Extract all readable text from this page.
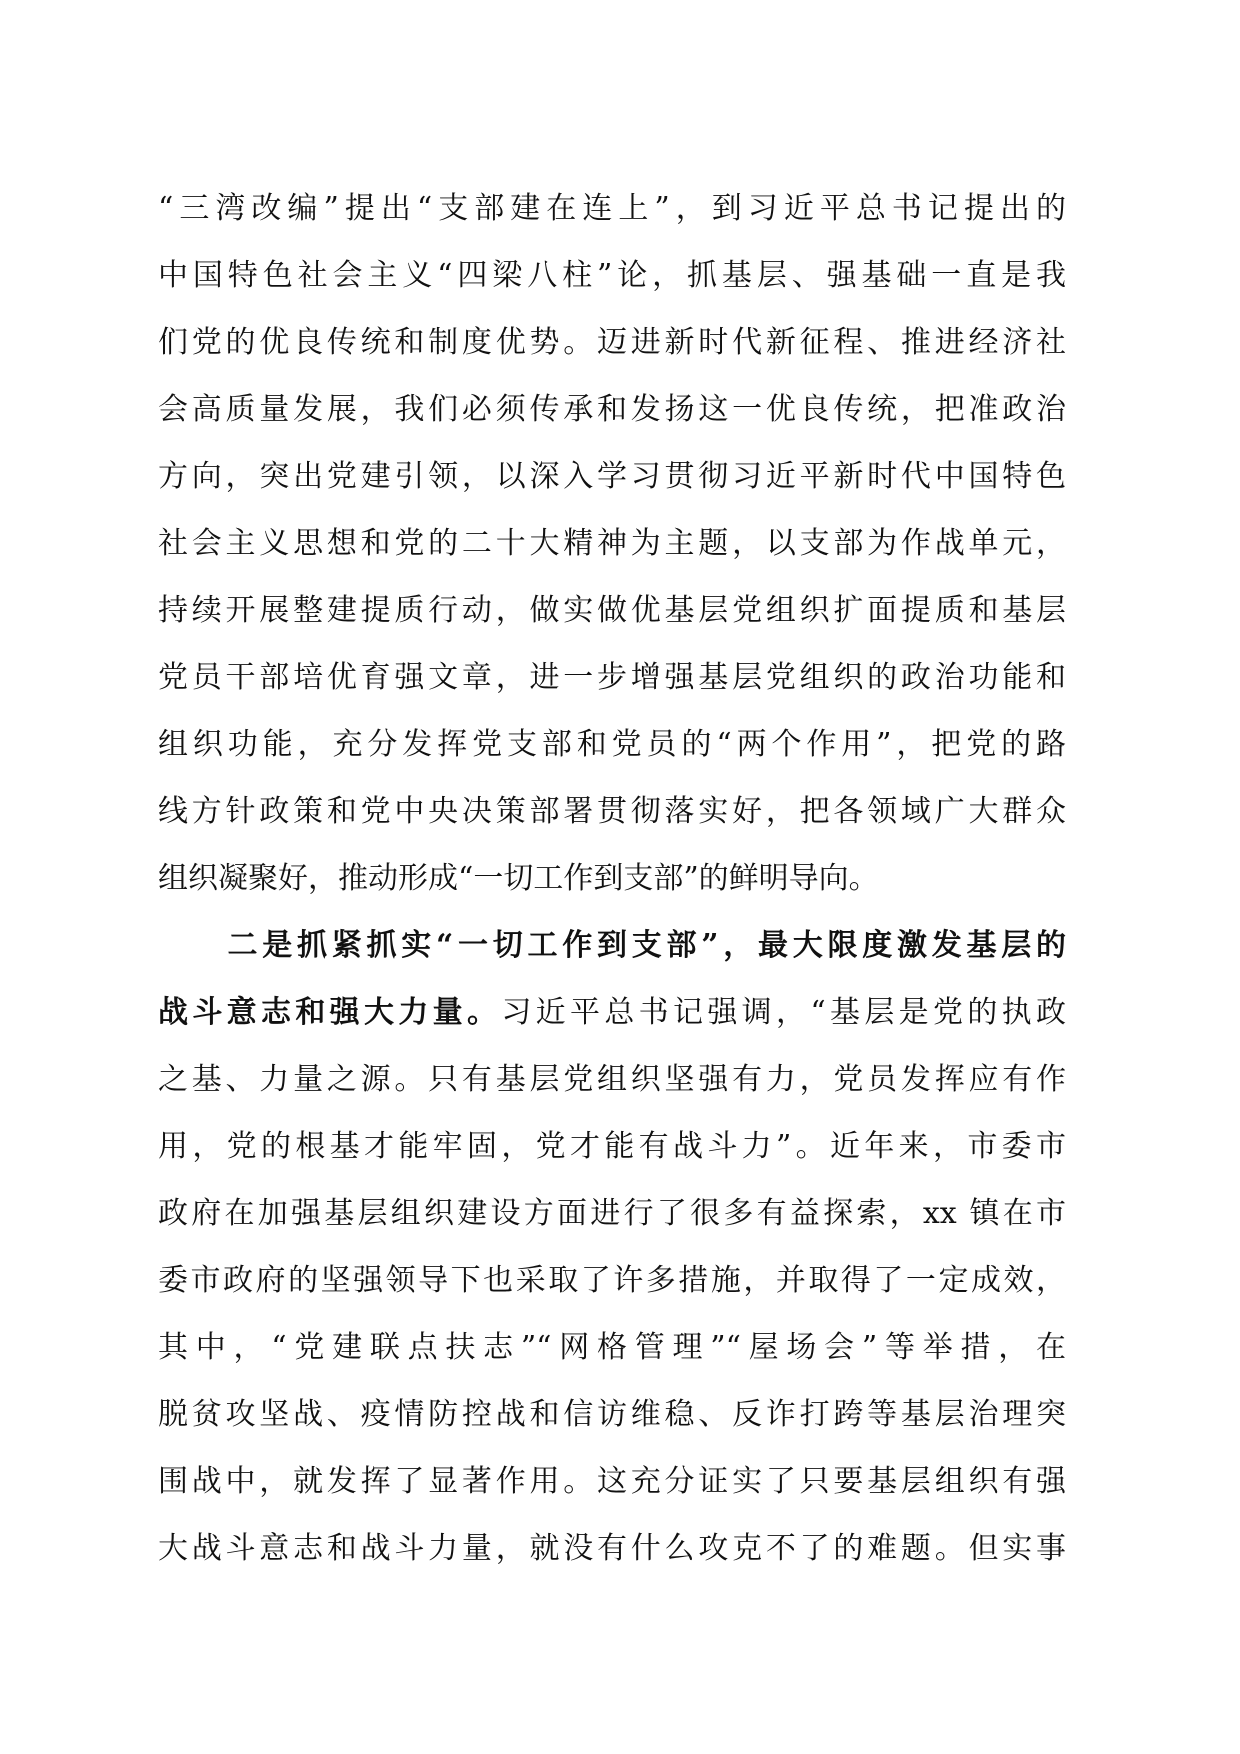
“三湾改编”提出“支部建在连上”，到习近平总书记提出的
中国特色社会主义“四梁八柱”论，抓基层、强基础一直是我
们党的优良传统和制度优势。迈进新时代新征程、推进经济社
会高质量发展，我们必须传承和发扬这一优良传统，把准政治
方向，突出党建引领，以深入学习贯彻习近平新时代中国特色
社会主义思想和党的二十大精神为主题，以支部为作战单元，
持续开展整建提质行动，做实做优基层党组织扩面提质和基层
党员干部培优育强文章，进一步增强基层党组织的政治功能和
组织功能，充分发挥党支部和党员的“两个作用”，把党的路
线方针政策和党中央决策部署贯彻落实好，把各领域广大群众
组织凝聚好，推动形成“一切工作到支部”的鲜明导向。
　　二是抓紧抓实“一切工作到支部”，最大限度激发基层的
战斗意志和强大力量。习近平总书记强调，“基层是党的执政
之基、力量之源。只有基层党组织坚强有力，党员发挥应有作
用，党的根基才能牢固，党才能有战斗力”。近年来，市委市
政府在加强基层组织建设方面进行了很多有益探索，xx 镇在市
委市政府的坚强领导下也采取了许多措施，并取得了一定成效，
其中，“党建联点扶志”“网格管理”“屋场会”等举措，在
脱贫攻坚战、疫情防控战和信访维稳、反诈打跨等基层治理突
围战中，就发挥了显著作用。这充分证实了只要基层组织有强
大战斗意志和战斗力量，就没有什么攻克不了的难题。但实事
